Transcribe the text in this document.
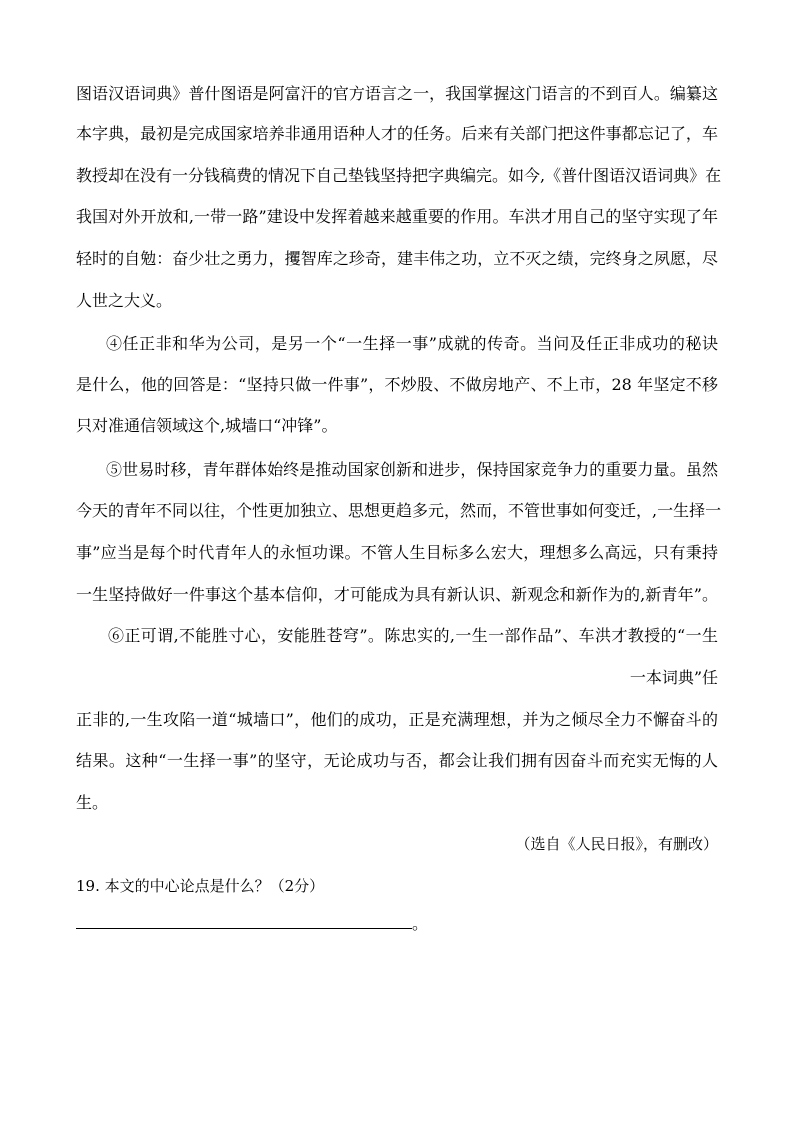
图语汉语词典》普什图语是阿富汗的官方语言之一，我国掌握这门语言的不到百人。编纂这
本字典，最初是完成国家培养非通用语种人才的任务。后来有关部门把这件事都忘记了，车
教授却在没有一分钱稿费的情况下自己垫钱坚持把字典编完。如今,《普什图语汉语词典》在
我国对外开放和,一带一路”建设中发挥着越来越重要的作用。车洪才用自己的坚守实现了年
轻时的自勉：奋少壮之勇力，攫智库之珍奇，建丰伟之功，立不灭之绩，完终身之夙愿，尽
人世之大义。
④任正非和华为公司，是另一个“一生择一事”成就的传奇。当问及任正非成功的秘诀
是什么，他的回答是：“坚持只做一件事”，不炒股、不做房地产、不上市，28 年坚定不移
只对准通信领域这个,城墙口“冲锋”。
⑤世易时移，青年群体始终是推动国家创新和进步，保持国家竞争力的重要力量。虽然
今天的青年不同以往，个性更加独立、思想更趋多元，然而，不管世事如何变迁，,一生择一
事”应当是每个时代青年人的永恒功课。不管人生目标多么宏大，理想多么高远，只有秉持
一生坚持做好一件事这个基本信仰，才可能成为具有新认识、新观念和新作为的,新青年”。
⑥正可谓,不能胜寸心，安能胜苍穹”。陈忠实的,一生一部作品”、车洪才教授的“一生
一本词典”任
正非的,一生攻陷一道“城墙口”，他们的成功，正是充满理想，并为之倾尽全力不懈奋斗的
结果。这种“一生择一事”的坚守，无论成功与否，都会让我们拥有因奋斗而充实无悔的人
生。
（选自《人民日报》，有删改）
19. 本文的中心论点是什么？（2分）
。
